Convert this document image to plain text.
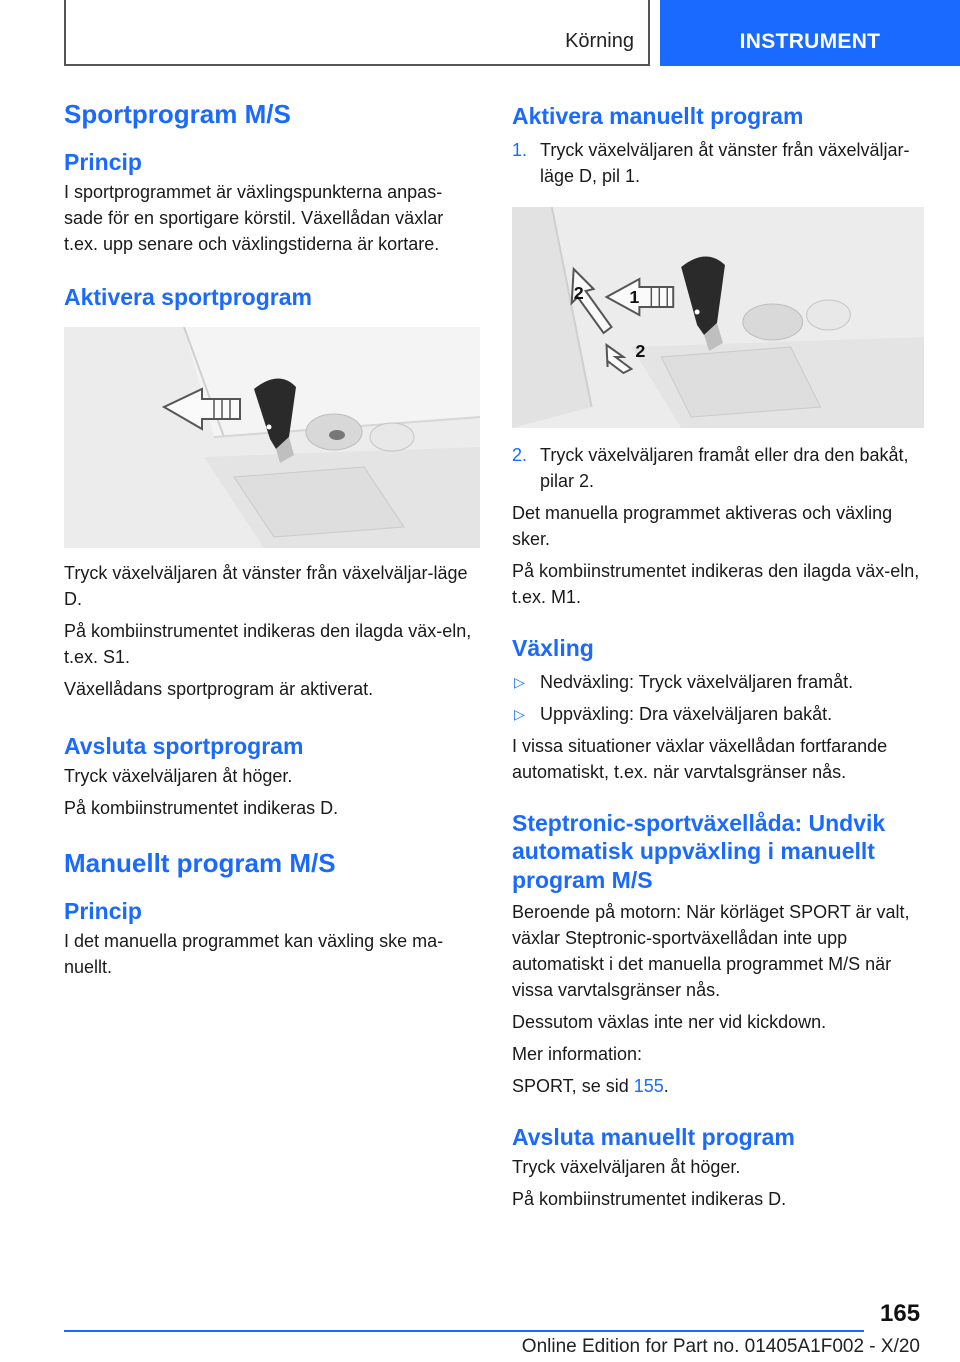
Körning	INSTRUMENT
Sportprogram M/S
Princip

I sportprogrammet är växlingspunkterna anpas-sade för en sportigare körstil. Växellådan växlar t.ex. upp senare och växlingstiderna är kortare.

Aktivera sportprogram

Tryck växelväljaren åt vänster från växelväljar-läge D.

På kombiinstrumentet indikeras den ilagda väx-eln, t.ex. S1.

Växellådans sportprogram är aktiverat.

Avsluta sportprogram

Tryck växelväljaren åt höger.

På kombiinstrumentet indikeras D.

Manuellt program M/S
Princip

I det manuella programmet kan växling ske ma-nuellt.

Aktivera manuellt program
1. Tryck växelväljaren åt vänster från växelväljar-läge D, pil 1.
1
2
2
2. Tryck växelväljaren framåt eller dra den bakåt, pilar 2.

Det manuella programmet aktiveras och växling sker.

På kombiinstrumentet indikeras den ilagda väx-eln, t.ex. M1.

Växling
▷ Nedväxling: Tryck växelväljaren framåt.
▷ Uppväxling: Dra växelväljaren bakåt.

I vissa situationer växlar växellådan fortfarande automatiskt, t.ex. när varvtalsgränser nås.

Steptronic-sportväxellåda: Undvik automatisk uppväxling i manuellt program M/S

Beroende på motorn: När körläget SPORT är valt, växlar Steptronic-sportväxellådan inte upp automatiskt i det manuella programmet M/S när vissa varvtalsgränser nås.

Dessutom växlas inte ner vid kickdown.

Mer information:

SPORT, se sid 155.

Avsluta manuellt program

Tryck växelväljaren åt höger.

På kombiinstrumentet indikeras D.

165
Online Edition for Part no. 01405A1F002 - X/20
